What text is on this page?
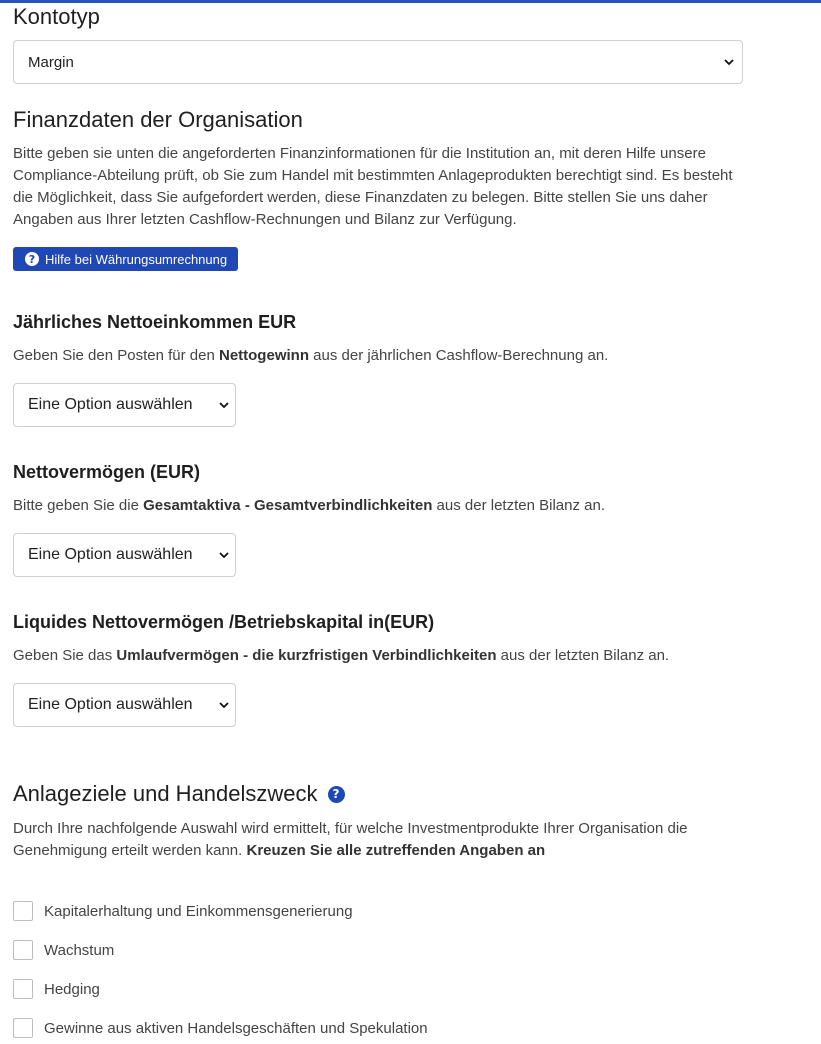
Kontotyp
Margin
Finanzdaten der Organisation

Bitte geben sie unten die angeforderten Finanzinformationen für die Institution an, mit deren Hilfe unsere Compliance-Abteilung prüft, ob Sie zum Handel mit bestimmten Anlageprodukten berechtigt sind. Es besteht die Möglichkeit, dass Sie aufgefordert werden, diese Finanzdaten zu belegen. Bitte stellen Sie uns daher Angaben aus Ihrer letzten Cashflow-Rechnungen und Bilanz zur Verfügung.

? Hilfe bei Währungsumrechnung
Jährliches Nettoeinkommen EUR

Geben Sie den Posten für den Nettogewinn aus der jährlichen Cashflow-Berechnung an.

Eine Option auswählen
Nettovermögen (EUR)

Bitte geben Sie die Gesamtaktiva - Gesamtverbindlichkeiten aus der letzten Bilanz an.

Eine Option auswählen
Liquides Nettovermögen /Betriebskapital in(EUR)

Geben Sie das Umlaufvermögen - die kurzfristigen Verbindlichkeiten aus der letzten Bilanz an.

Eine Option auswählen
Anlageziele und Handelszweck	?

Durch Ihre nachfolgende Auswahl wird ermittelt, für welche Investmentprodukte Ihrer Organisation die Genehmigung erteilt werden kann. Kreuzen Sie alle zutreffenden Angaben an

Kapitalerhaltung und Einkommensgenerierung
Wachstum
Hedging
Gewinne aus aktiven Handelsgeschäften und Spekulation
